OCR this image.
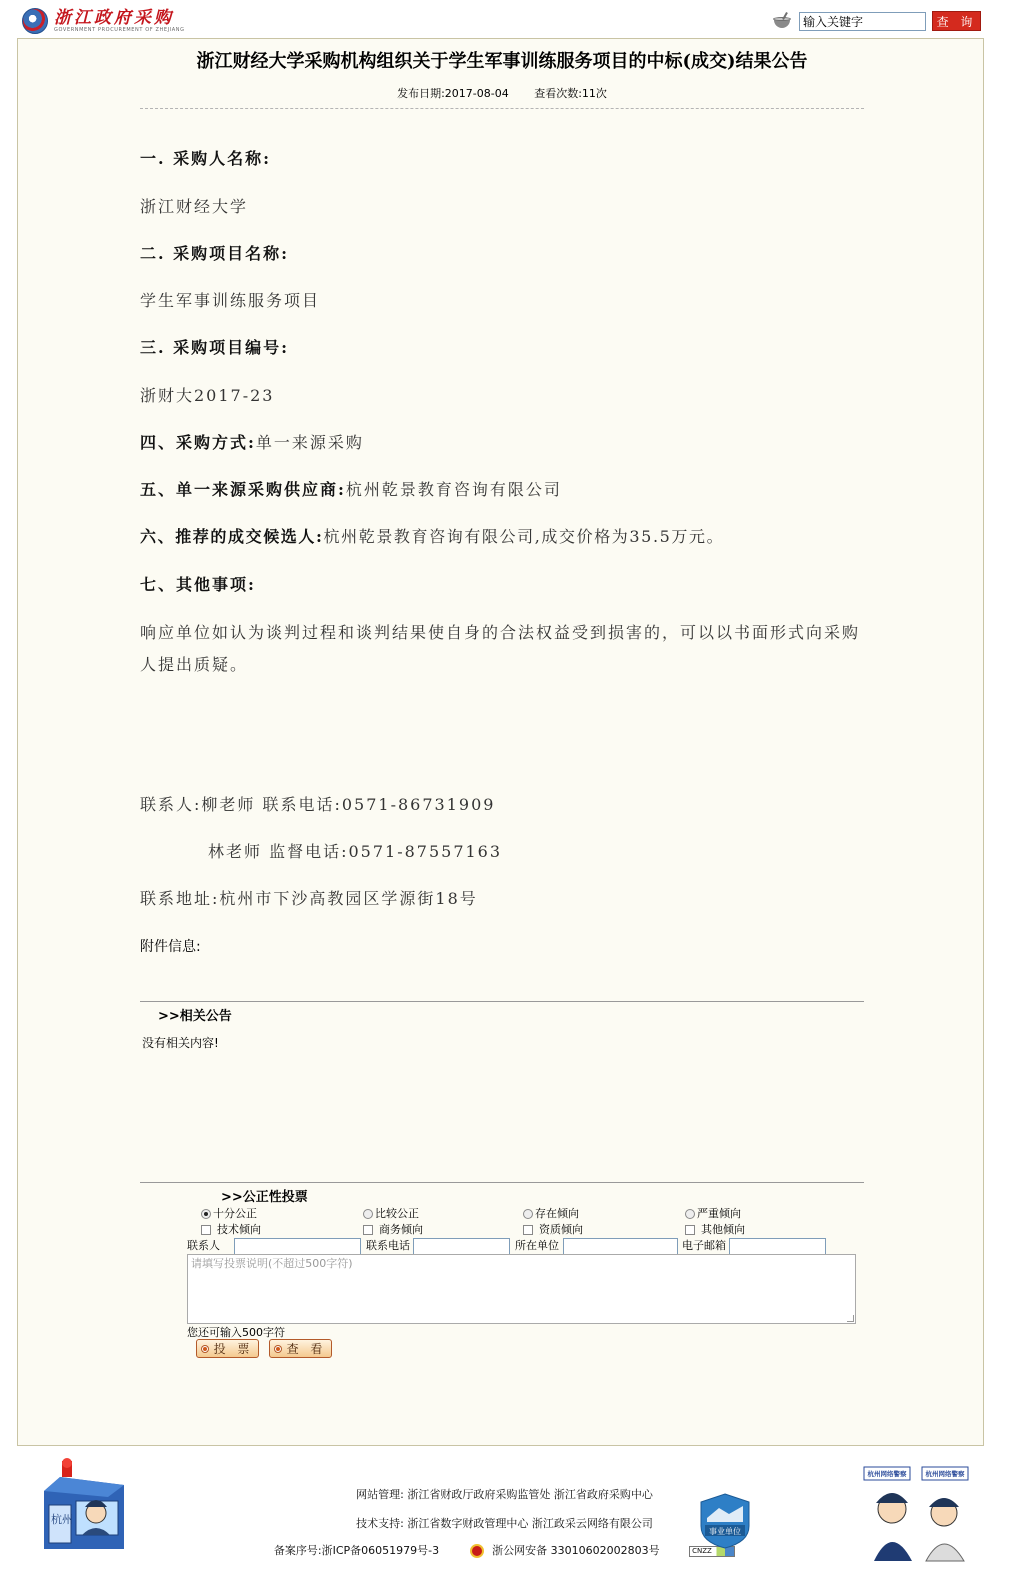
浙江政府采购
GOVERNMENT PROCUREMENT OF ZHEJIANG
输入关键字
查 询
浙江财经大学采购机构组织关于学生军事训练服务项目的中标(成交)结果公告
发布日期:2017-08-04 查看次数:11次
一. 采购人名称:
浙江财经大学
二. 采购项目名称:
学生军事训练服务项目
三. 采购项目编号:
浙财大2017-23
四、采购方式:单一来源采购
五、单一来源采购供应商:杭州乾景教育咨询有限公司
六、推荐的成交候选人:杭州乾景教育咨询有限公司,成交价格为35.5万元。
七、其他事项:
响应单位如认为谈判过程和谈判结果使自身的合法权益受到损害的，可以以书面形式向采购人提出质疑。
联系人:柳老师 联系电话:0571-86731909
林老师 监督电话:0571-87557163
联系地址:杭州市下沙高教园区学源街18号
附件信息:
>>相关公告
没有相关内容!
>>公正性投票
十分公正	比较公正	存在倾向	严重倾向
技术倾向	商务倾向	资质倾向	其他倾向
联系人	联系电话	所在单位	电子邮箱
请填写投票说明(不超过500字符)
您还可输入500字符
投 票	查 看
杭州
网站管理: 浙江省财政厅政府采购监管处 浙江省政府采购中心
技术支持: 浙江省数字财政管理中心 浙江政采云网络有限公司
备案序号:浙ICP备06051979号-3	浙公网安备 33010602002803号	CNZZ
事业单位
杭州网络警察	杭州网络警察
